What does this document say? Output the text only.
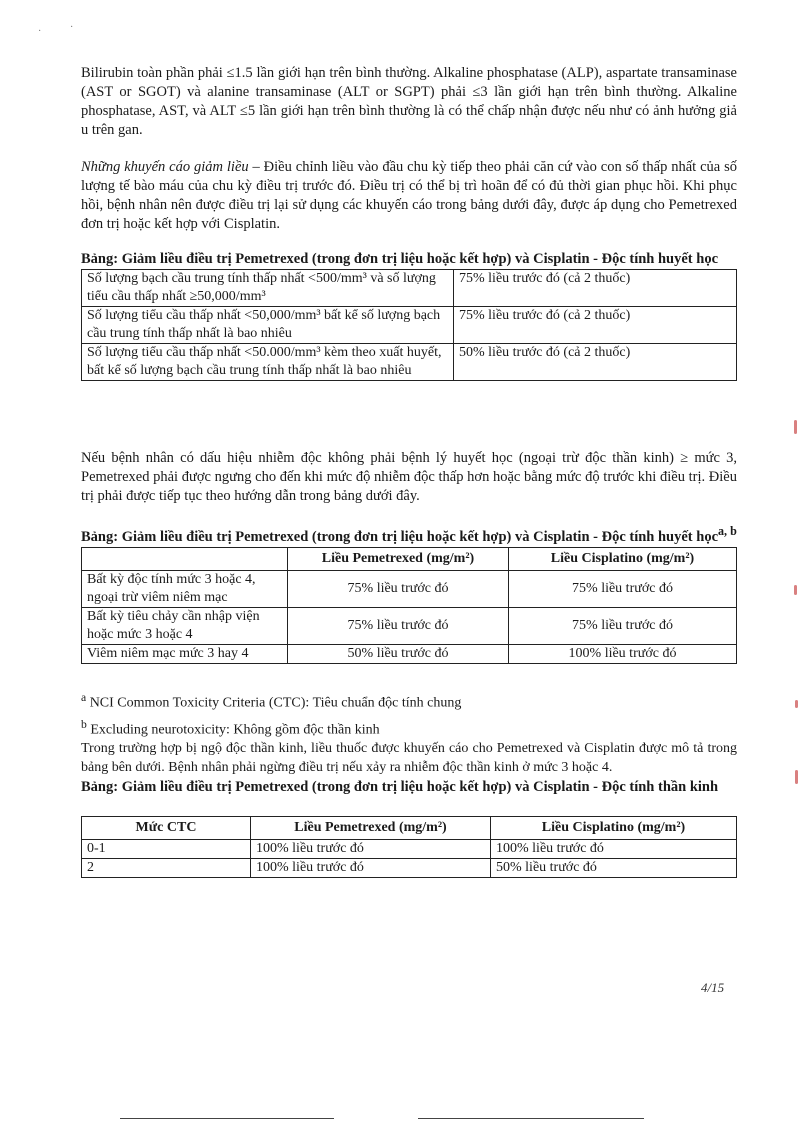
·	·

Bilirubin toàn phần phải ≤1.5 lần giới hạn trên bình thường. Alkaline phosphatase (ALP), aspartate transaminase (AST or SGOT) và alanine transaminase (ALT or SGPT) phải ≤3 lần giới hạn trên bình thường. Alkaline phosphatase, AST, và ALT ≤5 lần giới hạn trên bình thường là có thể chấp nhận được nếu như có ảnh hưởng giả u trên gan.

Những khuyến cáo giảm liều – Điều chỉnh liều vào đầu chu kỳ tiếp theo phải căn cứ vào con số thấp nhất của số lượng tế bào máu của chu kỳ điều trị trước đó. Điều trị có thể bị trì hoãn để có đủ thời gian phục hồi. Khi phục hồi, bệnh nhân nên được điều trị lại sử dụng các khuyến cáo trong bảng dưới đây, được áp dụng cho Pemetrexed đơn trị hoặc kết hợp với Cisplatin.

Bảng: Giảm liều điều trị Pemetrexed (trong đơn trị liệu hoặc kết hợp) và Cisplatin - Độc tính huyết học
Số lượng bạch cầu trung tính thấp nhất <500/mm³ và số lượng tiểu cầu thấp nhất ≥50,000/mm³	75% liều trước đó (cả 2 thuốc)
Số lượng tiểu cầu thấp nhất <50,000/mm³ bất kể số lượng bạch cầu trung tính thấp nhất là bao nhiêu	75% liều trước đó (cả 2 thuốc)
Số lượng tiểu cầu thấp nhất <50.000/mm³ kèm theo xuất huyết, bất kể số lượng bạch cầu trung tính thấp nhất là bao nhiêu	50% liều trước đó (cả 2 thuốc)

Nếu bệnh nhân có dấu hiệu nhiễm độc không phải bệnh lý huyết học (ngoại trừ độc thần kinh) ≥ mức 3, Pemetrexed phải được ngưng cho đến khi mức độ nhiễm độc thấp hơn hoặc bằng mức độ trước khi điều trị. Điều trị phải được tiếp tục theo hướng dẫn trong bảng dưới đây.

Bảng: Giảm liều điều trị Pemetrexed (trong đơn trị liệu hoặc kết hợp) và Cisplatin - Độc tính huyết học$^{a, b}$
	Liều Pemetrexed (mg/m²)	Liều Cisplatino (mg/m²)
Bất kỳ độc tính mức 3 hoặc 4, ngoại trừ viêm niêm mạc	75% liều trước đó	75% liều trước đó
Bất kỳ tiêu chảy cần nhập viện hoặc mức 3 hoặc 4	75% liều trước đó	75% liều trước đó
Viêm niêm mạc mức 3 hay 4	50% liều trước đó	100% liều trước đó
$^a$ NCI Common Toxicity Criteria (CTC): Tiêu chuẩn độc tính chung
$^b$ Excluding neurotoxicity: Không gồm độc thần kinh

Trong trường hợp bị ngộ độc thần kinh, liều thuốc được khuyến cáo cho Pemetrexed và Cisplatin được mô tả trong bảng bên dưới. Bệnh nhân phải ngừng điều trị nếu xảy ra nhiễm độc thần kinh ở mức 3 hoặc 4.

Bảng: Giảm liều điều trị Pemetrexed (trong đơn trị liệu hoặc kết hợp) và Cisplatin - Độc tính thần kinh
Mức CTC	Liều Pemetrexed (mg/m²)	Liều Cisplatino (mg/m²)
0-1	100% liều trước đó	100% liều trước đó
2	100% liều trước đó	50% liều trước đó
4/15
